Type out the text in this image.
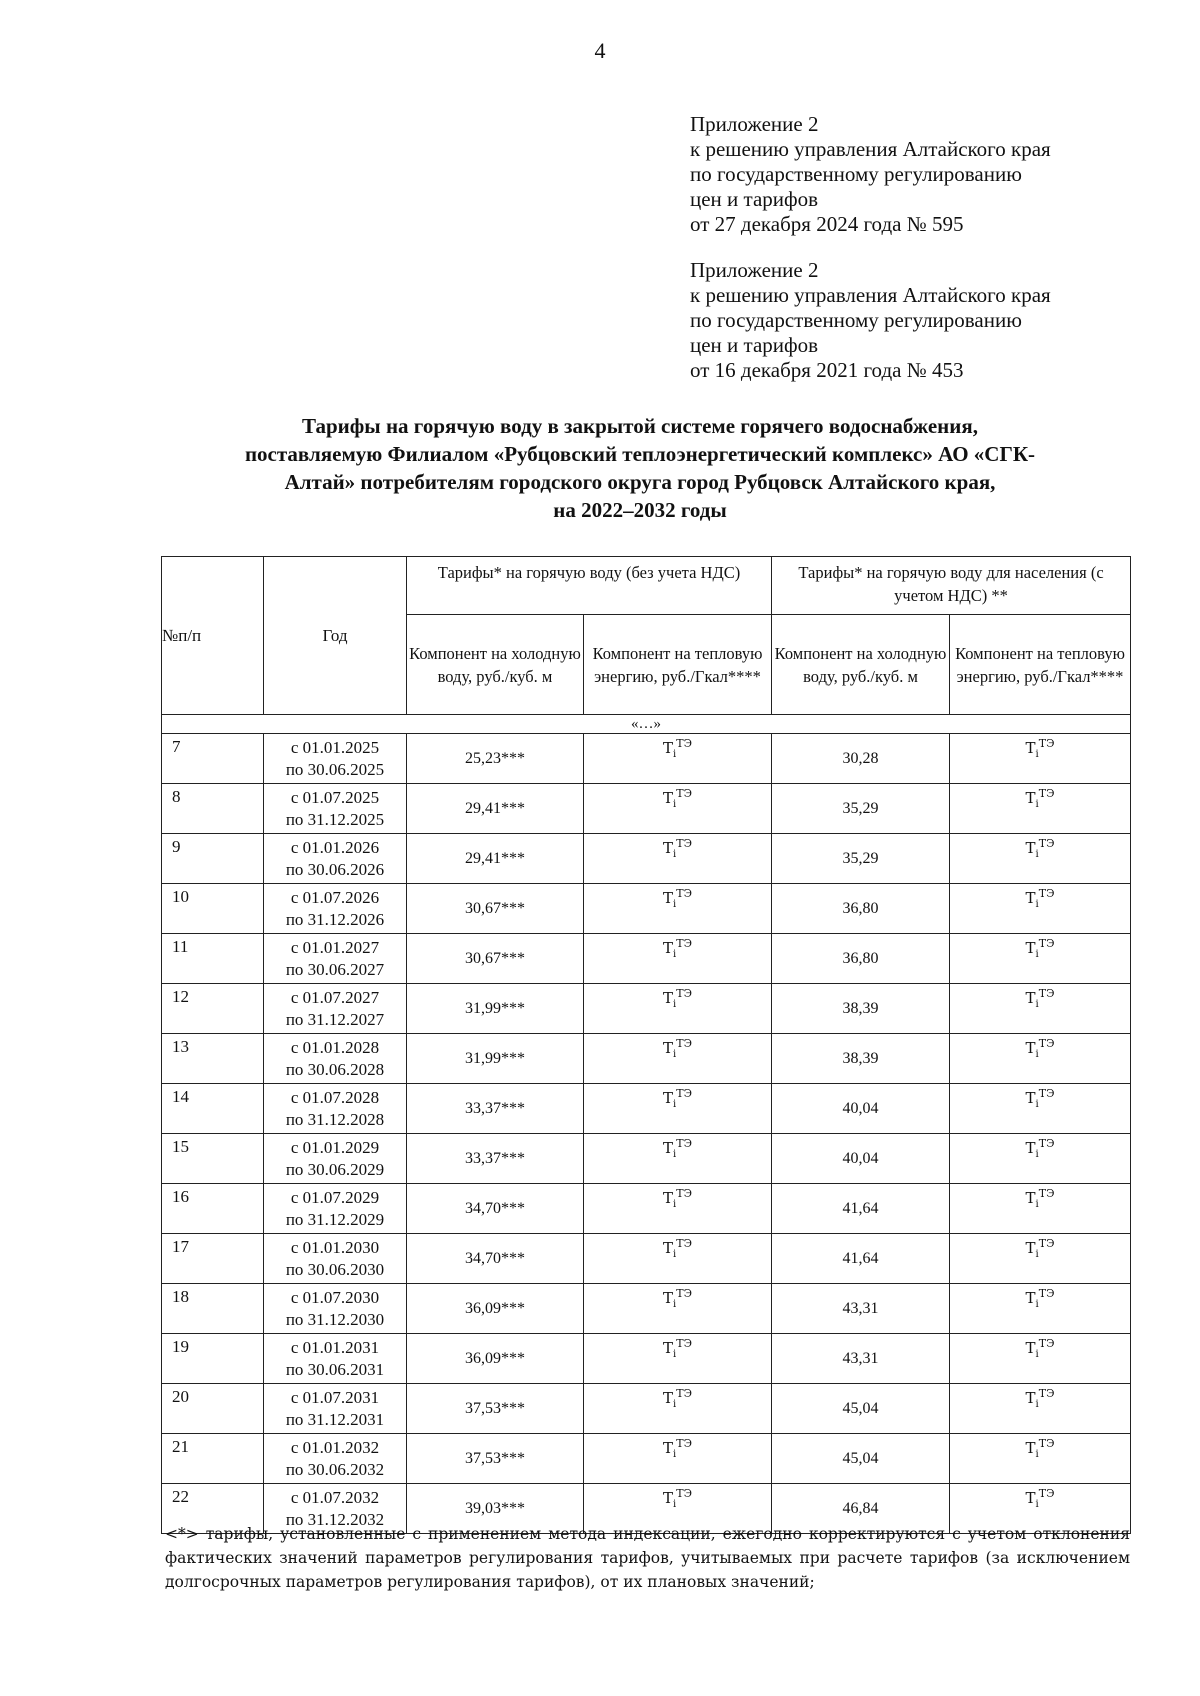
4
Приложение 2
к решению управления Алтайского края
по государственному регулированию
цен и тарифов
от 27 декабря 2024 года № 595
Приложение 2
к решению управления Алтайского края
по государственному регулированию
цен и тарифов
от 16 декабря 2021 года № 453
Тарифы на горячую воду в закрытой системе горячего водоснабжения,
поставляемую Филиалом «Рубцовский теплоэнергетический комплекс» АО «СГК-
Алтай» потребителям городского округа город Рубцовск Алтайского края,
на 2022–2032 годы
№п/п	Год	Тарифы* на горячую воду (без учета НДС)		Тарифы* на горячую воду для населения (с учетом НДС) **	
		Компонент на холодную воду, руб./куб. м	Компонент на тепловую энергию, руб./Гкал****	Компонент на холодную воду, руб./куб. м	Компонент на тепловую энергию, руб./Гкал****
«…»					
7	с 01.01.2025
по 30.06.2025	25,23***	$T_i^{ТЭ}$	30,28	$T_i^{ТЭ}$
8	с 01.07.2025
по 31.12.2025	29,41***	$T_i^{ТЭ}$	35,29	$T_i^{ТЭ}$
9	с 01.01.2026
по 30.06.2026	29,41***	$T_i^{ТЭ}$	35,29	$T_i^{ТЭ}$
10	с 01.07.2026
по 31.12.2026	30,67***	$T_i^{ТЭ}$	36,80	$T_i^{ТЭ}$
11	с 01.01.2027
по 30.06.2027	30,67***	$T_i^{ТЭ}$	36,80	$T_i^{ТЭ}$
12	с 01.07.2027
по 31.12.2027	31,99***	$T_i^{ТЭ}$	38,39	$T_i^{ТЭ}$
13	с 01.01.2028
по 30.06.2028	31,99***	$T_i^{ТЭ}$	38,39	$T_i^{ТЭ}$
14	с 01.07.2028
по 31.12.2028	33,37***	$T_i^{ТЭ}$	40,04	$T_i^{ТЭ}$
15	с 01.01.2029
по 30.06.2029	33,37***	$T_i^{ТЭ}$	40,04	$T_i^{ТЭ}$
16	с 01.07.2029
по 31.12.2029	34,70***	$T_i^{ТЭ}$	41,64	$T_i^{ТЭ}$
17	с 01.01.2030
по 30.06.2030	34,70***	$T_i^{ТЭ}$	41,64	$T_i^{ТЭ}$
18	с 01.07.2030
по 31.12.2030	36,09***	$T_i^{ТЭ}$	43,31	$T_i^{ТЭ}$
19	с 01.01.2031
по 30.06.2031	36,09***	$T_i^{ТЭ}$	43,31	$T_i^{ТЭ}$
20	с 01.07.2031
по 31.12.2031	37,53***	$T_i^{ТЭ}$	45,04	$T_i^{ТЭ}$
21	с 01.01.2032
по 30.06.2032	37,53***	$T_i^{ТЭ}$	45,04	$T_i^{ТЭ}$
22	с 01.07.2032
по 31.12.2032	39,03***	$T_i^{ТЭ}$	46,84	$T_i^{ТЭ}$
<*> тарифы, установленные с применением метода индексации, ежегодно корректируются с учетом отклонения фактических значений параметров регулирования тарифов, учитываемых при расчете тарифов (за исключением долгосрочных параметров регулирования тарифов), от их плановых значений;
